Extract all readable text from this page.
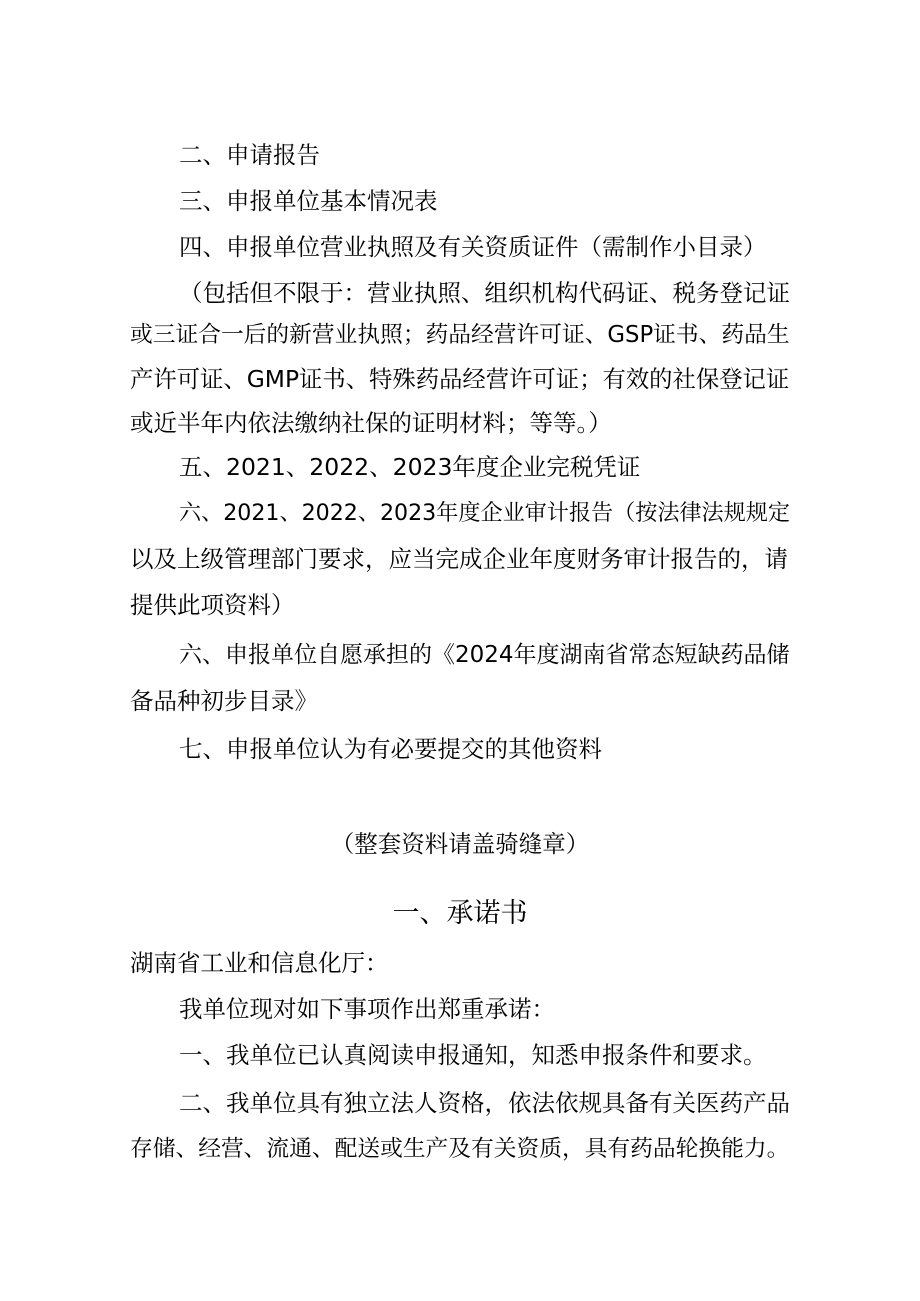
二、申请报告
三、申报单位基本情况表
四、申报单位营业执照及有关资质证件（需制作小目录）
（包括但不限于：营业执照、组织机构代码证、税务登记证
或三证合一后的新营业执照；药品经营许可证、GSP证书、药品生
产许可证、GMP证书、特殊药品经营许可证；有效的社保登记证
或近半年内依法缴纳社保的证明材料；等等。）
五、2021、2022、2023年度企业完税凭证
六、2021、2022、2023年度企业审计报告（按法律法规规定
以及上级管理部门要求，应当完成企业年度财务审计报告的，请
提供此项资料）
六、申报单位自愿承担的《2024年度湖南省常态短缺药品储
备品种初步目录》
七、申报单位认为有必要提交的其他资料
（整套资料请盖骑缝章）
一、承诺书
湖南省工业和信息化厅：
我单位现对如下事项作出郑重承诺：
一、我单位已认真阅读申报通知，知悉申报条件和要求。
二、我单位具有独立法人资格，依法依规具备有关医药产品
存储、经营、流通、配送或生产及有关资质，具有药品轮换能力。
